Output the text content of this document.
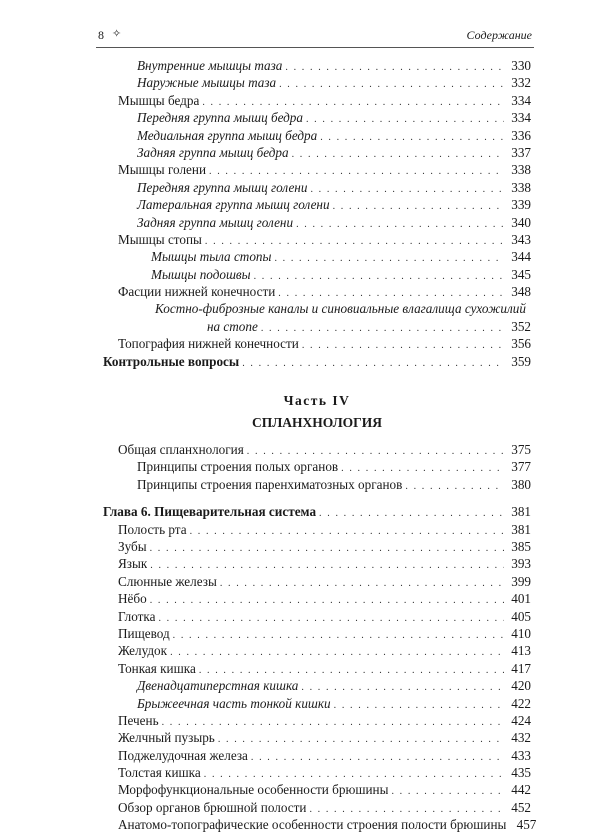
8 ✧	Содержание
Внутренние мышцы таза . . .	330
Наружные мышцы таза . . .	332
Мышцы бедра . . .	334
Передняя группа мышц бедра . . .	334
Медиальная группа мышц бедра . . .	336
Задняя группа мышц бедра . . .	337
Мышцы голени . . .	338
Передняя группа мышц голени . . .	338
Латеральная группа мышц голени . . .	339
Задняя группа мышц голени . . .	340
Мышцы стопы . . .	343
Мышцы тыла стопы . . .	344
Мышцы подошвы . . .	345
Фасции нижней конечности . . .	348
Костно-фиброзные каналы и синовиальные влагалища сухожилий
на стопе . . .	352
Топография нижней конечности . . .	356
Контрольные вопросы . . .	359
Часть IV
СПЛАНХНОЛОГИЯ
Общая спланхнология . . .	375
Принципы строения полых органов . . .	377
Принципы строения паренхиматозных органов . . .	380
Глава 6. Пищеварительная система . . .	381
Полость рта . . .	381
Зубы . . .	385
Язык . . .	393
Слюнные железы . . .	399
Нёбо . . .	401
Глотка . . .	405
Пищевод . . .	410
Желудок . . .	413
Тонкая кишка . . .	417
Двенадцатиперстная кишка . . .	420
Брыжеечная часть тонкой кишки . . .	422
Печень . . .	424
Желчный пузырь . . .	432
Поджелудочная железа . . .	433
Толстая кишка . . .	435
Морфофункциональные особенности брюшины . . .	442
Обзор органов брюшной полости . . .	452
Анатомо-топографические особенности строения полости брюшины 457
